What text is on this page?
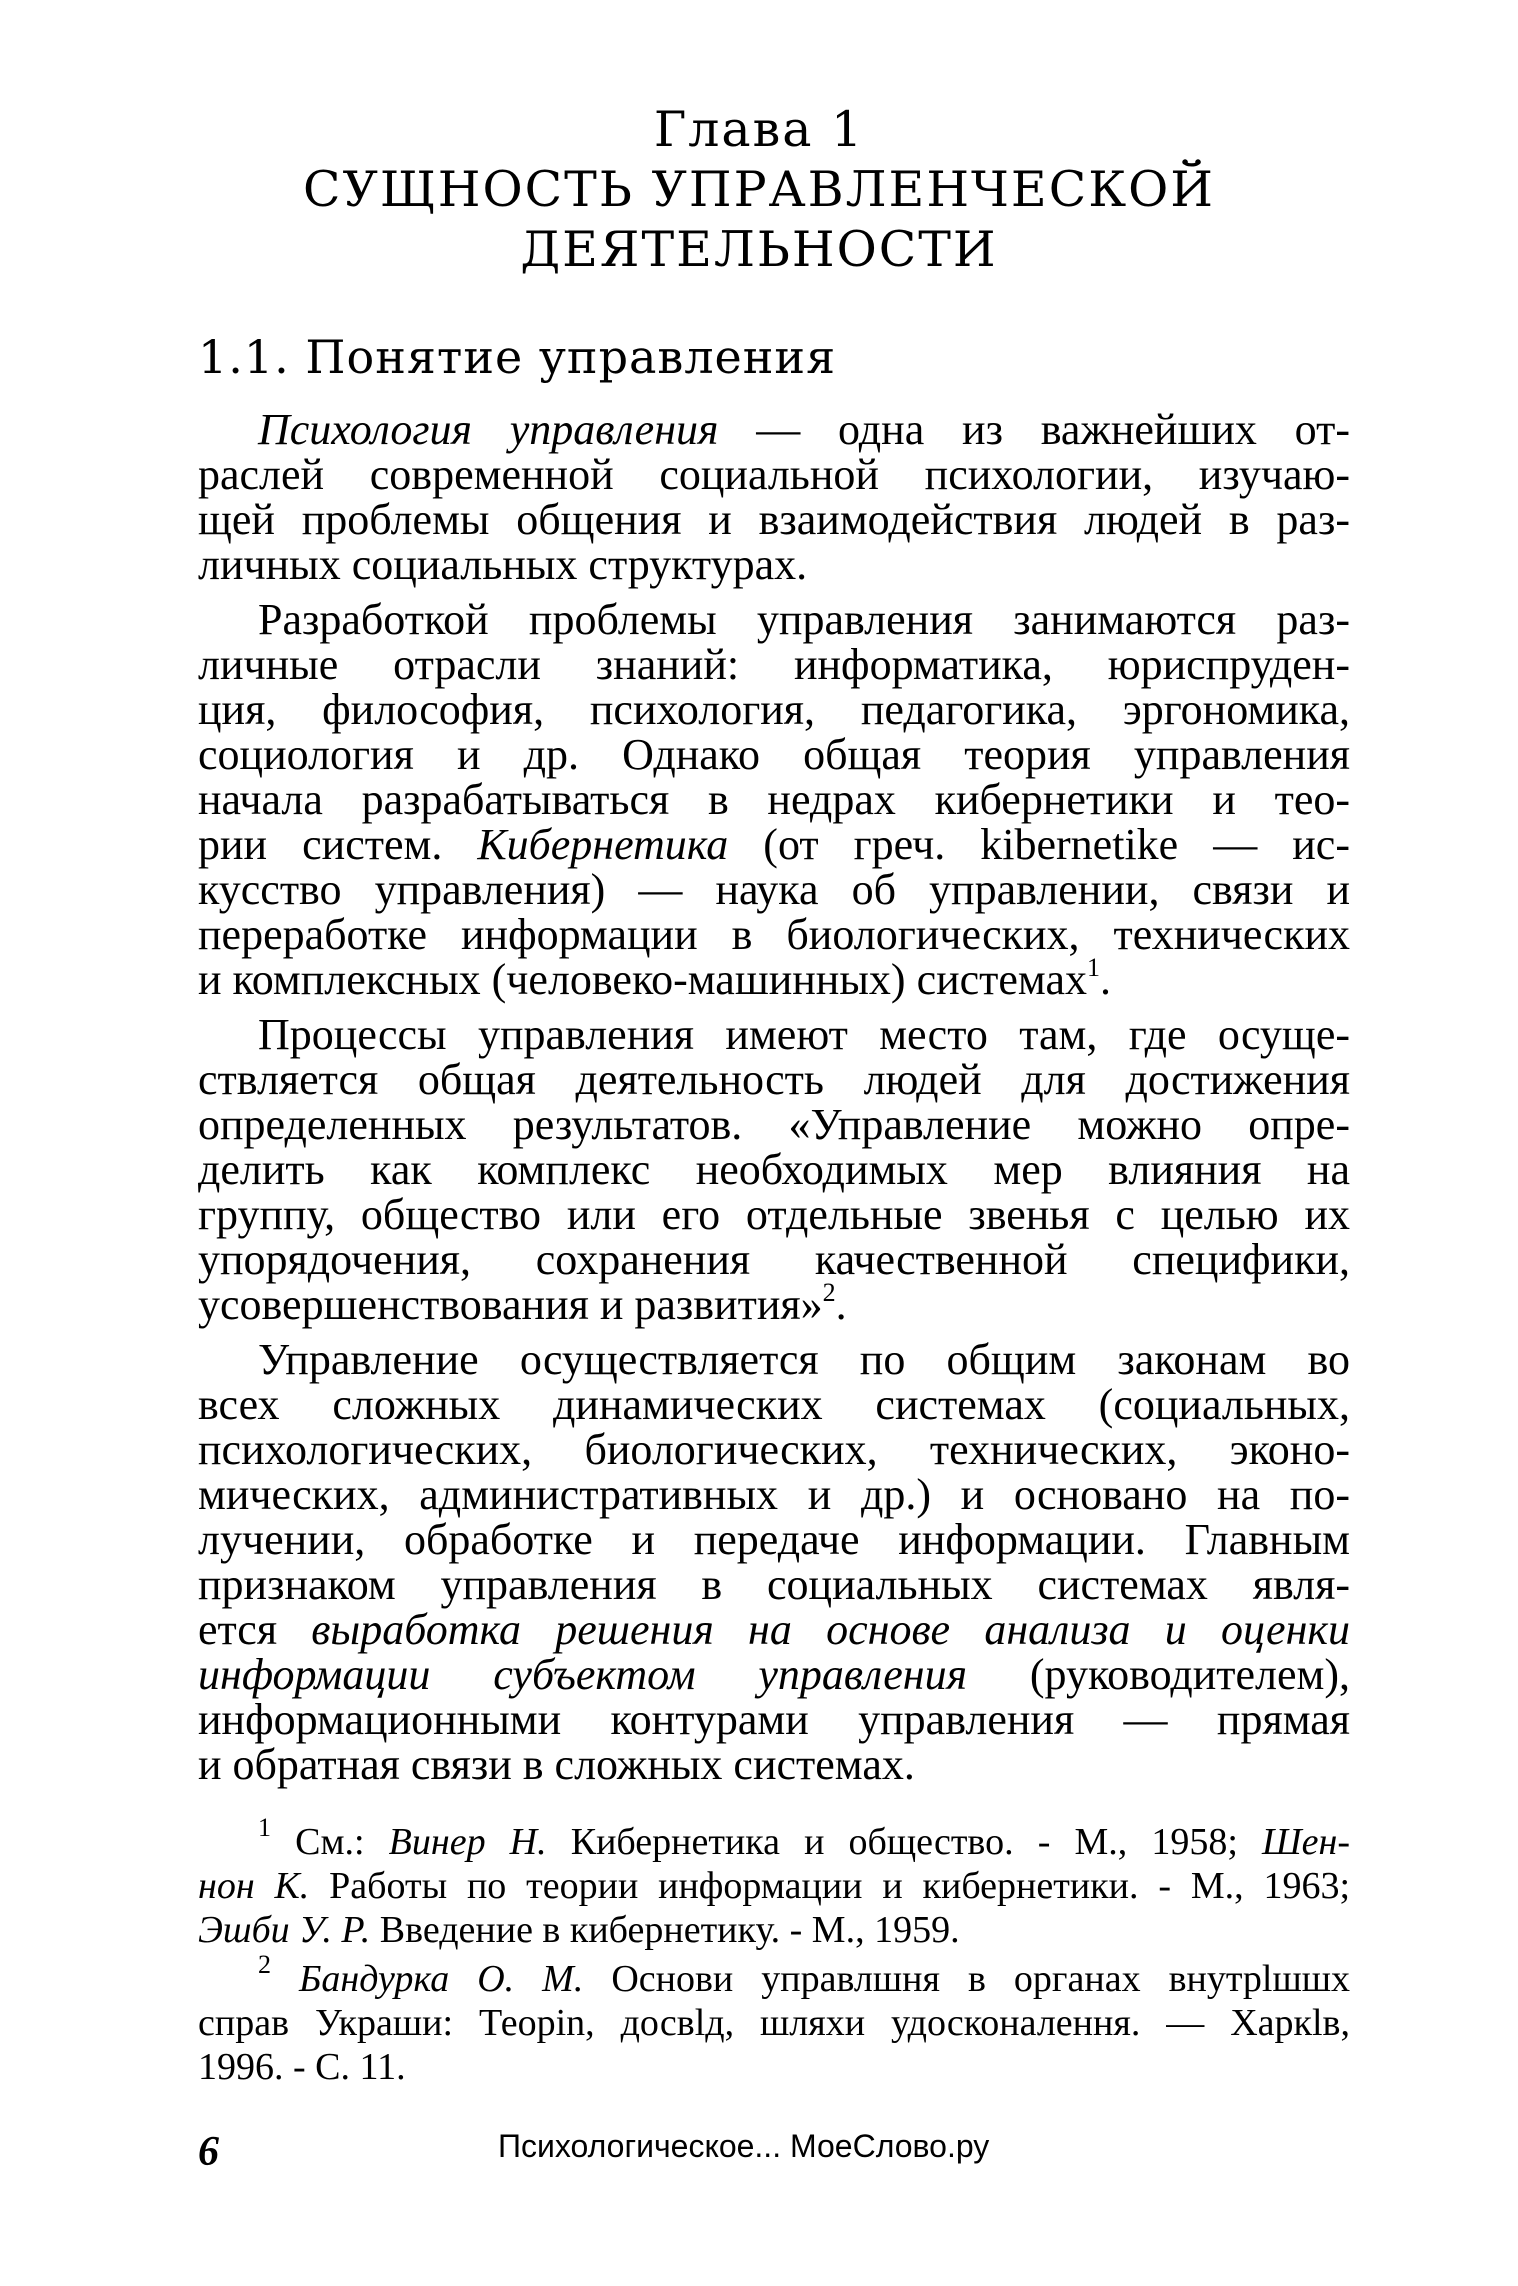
Глава 1
СУЩНОСТЬ УПРАВЛЕНЧЕСКОЙ
ДЕЯТЕЛЬНОСТИ
1.1. Понятие управления
Психология управления — одна из важнейших от-
раслей современной социальной психологии, изучаю-
щей проблемы общения и взаимодействия людей в раз-
личных социальных структурах.
Разработкой проблемы управления занимаются раз-
личные отрасли знаний: информатика, юриспруден-
ция, философия, психология, педагогика, эргономика,
социология и др. Однако общая теория управления
начала разрабатываться в недрах кибернетики и тео-
рии систем. Кибернетика (от греч. kibernetike — ис-
кусство управления) — наука об управлении, связи и
переработке информации в биологических, технических
и комплексных (человеко-машинных) системах$^1$.
Процессы управления имеют место там, где осуще-
ствляется общая деятельность людей для достижения
определенных результатов. «Управление можно опре-
делить как комплекс необходимых мер влияния на
группу, общество или его отдельные звенья с целью их
упорядочения, сохранения качественной специфики,
усовершенствования и развития»$^2$.
Управление осуществляется по общим законам во
всех сложных динамических системах (социальных,
психологических, биологических, технических, эконо-
мических, административных и др.) и основано на по-
лучении, обработке и передаче информации. Главным
признаком управления в социальных системах явля-
ется выработка решения на основе анализа и оценки
информации субъектом управления (руководителем),
информационными контурами управления — прямая
и обратная связи в сложных системах.
$^1$ См.: Винер Н. Кибернетика и общество. - М., 1958; Шен-
нон К. Работы по теории информации и кибернетики. - М., 1963;
Эшби У. Р. Введение в кибернетику. - М., 1959.
$^2$ Бандурка О. М. Основи управлшня в органах внутрlшшх
справ Украши: Теорin, досвlд, шляхи удосконалення. — Харкlв,
1996. - С. 11.
6	Психологическое... МоеСлово.ру
